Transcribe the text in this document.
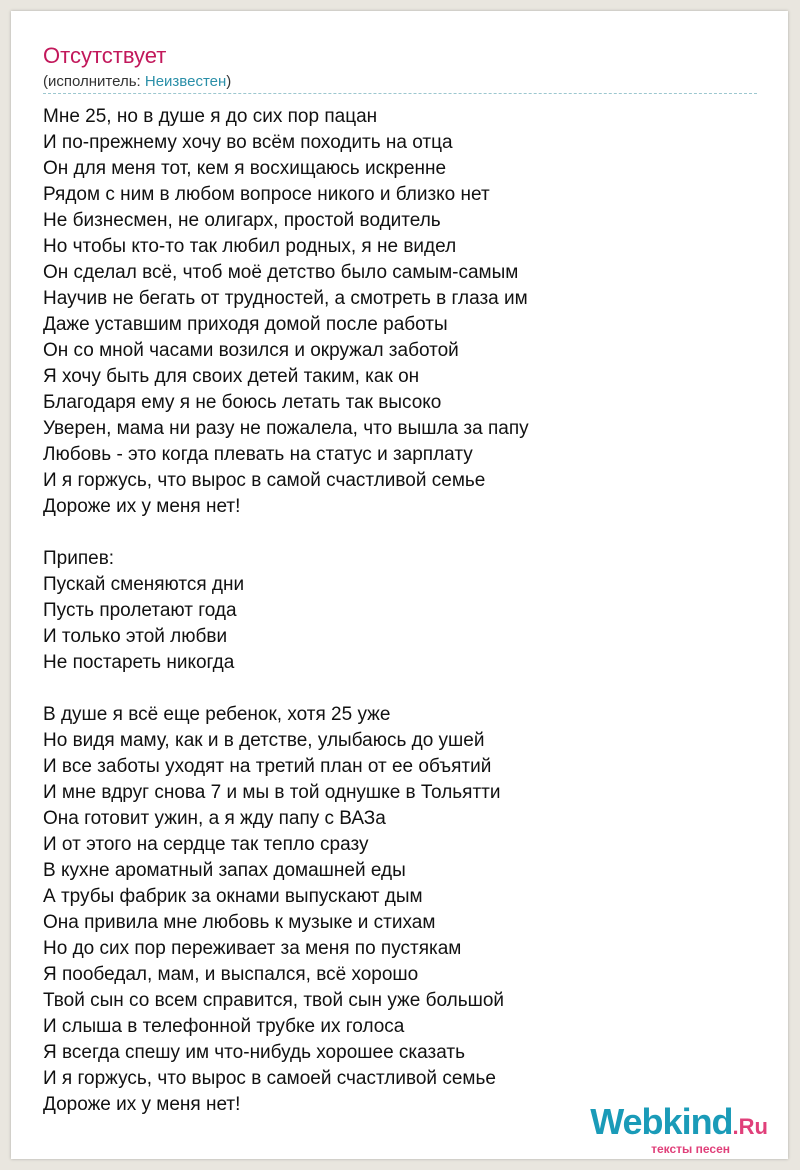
Отсутствует
(исполнитель: Неизвестен)
Мне 25, но в душе я до сих пор пацан
И по-прежнему хочу во всём походить на отца
Он для меня тот, кем я восхищаюсь искренне
Рядом с ним в любом вопросе никого и близко нет
Не бизнесмен, не олигарх, простой водитель
Но чтобы кто-то так любил родных, я не видел
Он сделал всё, чтоб моё детство было самым-самым
Научив не бегать от трудностей, а смотреть в глаза им
Даже уставшим приходя домой после работы
Он со мной часами возился и окружал заботой
Я хочу быть для своих детей таким, как он
Благодаря ему я не боюсь летать так высоко
Уверен, мама ни разу не пожалела, что вышла за папу
Любовь - это когда плевать на статус и зарплату
И я горжусь, что вырос в самой счастливой семье
Дороже их у меня нет!
Припев:
Пускай сменяются дни
Пусть пролетают года
И только этой любви
Не постареть никогда
В душе я всё еще ребенок, хотя 25 уже
Но видя маму, как и в детстве, улыбаюсь до ушей
И все заботы уходят на третий план от ее объятий
И мне вдруг снова 7 и мы в той однушке в Тольятти
Она готовит ужин, а я жду папу с ВАЗа
И от этого на сердце так тепло сразу
В кухне ароматный запах домашней еды
А трубы фабрик за окнами выпускают дым
Она привила мне любовь к музыке и стихам
Но до сих пор переживает за меня по пустякам
Я пообедал, мам, и выспался, всё хорошо
Твой сын со всем справится, твой сын уже большой
И слыша в телефонной трубке их голоса
Я всегда спешу им что-нибудь хорошее сказать
И я горжусь, что вырос в самоей счастливой семье
Дороже их у меня нет!	Webkind.Ru
тексты песен
